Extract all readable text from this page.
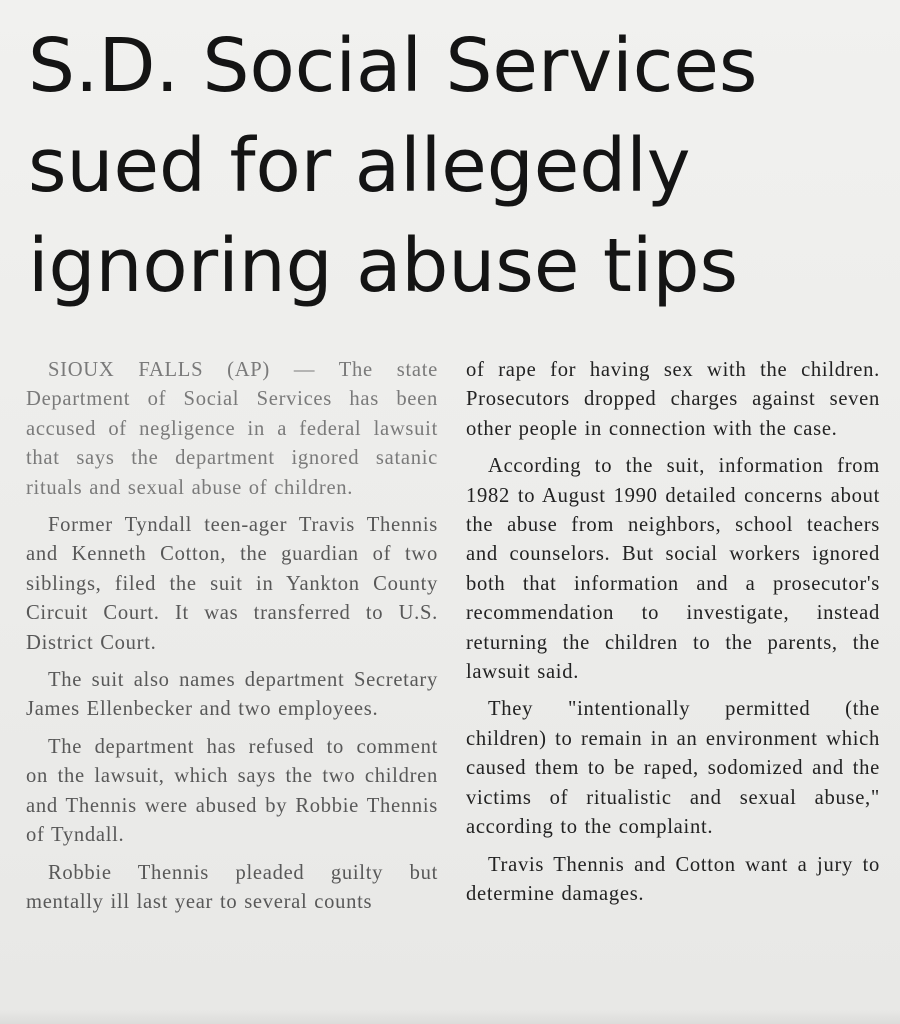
S.D. Social Services
sued for allegedly
ignoring abuse tips

SIOUX FALLS (AP) — The state Department of Social Services has been accused of negligence in a federal lawsuit that says the department ignored satanic rituals and sexual abuse of children.

Former Tyndall teen-ager Travis Thennis and Kenneth Cotton, the guardian of two siblings, filed the suit in Yankton County Circuit Court. It was transferred to U.S. District Court.

The suit also names department Secretary James Ellenbecker and two employees.

The department has refused to comment on the lawsuit, which says the two children and Thennis were abused by Robbie Thennis of Tyndall.

Robbie Thennis pleaded guilty but mentally ill last year to several counts

of rape for having sex with the children. Prosecutors dropped charges against seven other people in connection with the case.

According to the suit, information from 1982 to August 1990 detailed concerns about the abuse from neighbors, school teachers and counselors. But social workers ignored both that information and a prosecutor's recommendation to investigate, instead returning the children to the parents, the lawsuit said.

They "intentionally permitted (the children) to remain in an environment which caused them to be raped, sodomized and the victims of ritualistic and sexual abuse," according to the complaint.

Travis Thennis and Cotton want a jury to determine damages.
